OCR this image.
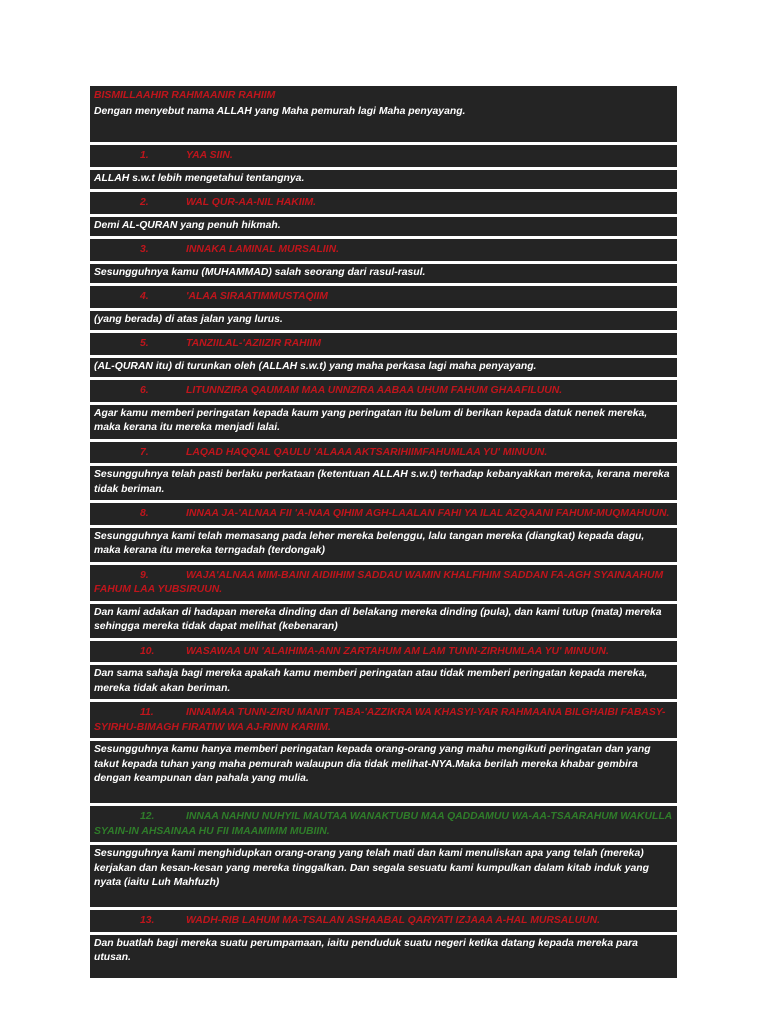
BISMILLAAHIR RAHMAANIR RAHIIM
Dengan menyebut nama ALLAH yang Maha pemurah lagi Maha penyayang.
1.	YAA SIIN.
ALLAH s.w.t lebih mengetahui tentangnya.
2.	WAL QUR-AA-NIL HAKIIM.
Demi AL-QURAN yang penuh hikmah.
3.	INNAKA LAMINAL MURSALIIN.
Sesungguhnya kamu (MUHAMMAD) salah seorang dari rasul-rasul.
4.	'ALAA SIRAATIMMUSTAQIIM
(yang berada) di atas jalan yang lurus.
5.	TANZIILAL-'AZIIZIR RAHIIM
(AL-QURAN itu) di turunkan oleh (ALLAH s.w.t) yang maha perkasa lagi maha penyayang.
6.	LITUNNZIRA QAUMAM MAA UNNZIRA AABAA UHUM FAHUM GHAAFILUUN.
Agar kamu memberi peringatan kepada kaum yang peringatan itu belum di berikan kepada datuk nenek mereka, maka kerana itu mereka menjadi lalai.
7.	LAQAD HAQQAL QAULU 'ALAAA AKTSARIHIIMFAHUMLAA YU' MINUUN.
Sesungguhnya telah pasti berlaku perkataan (ketentuan ALLAH s.w.t) terhadap kebanyakkan mereka, kerana mereka tidak beriman.
8.	INNAA JA-'ALNAA FII 'A-NAA QIHIM AGH-LAALAN FAHI YA ILAL AZQAANI FAHUM-MUQMAHUUN.
Sesungguhnya kami telah memasang pada leher mereka belenggu, lalu tangan mereka (diangkat) kepada dagu, maka kerana itu mereka terngadah (terdongak)
9.	WAJA'ALNAA MIM-BAINI AIDIIHIM SADDAU WAMIN KHALFIHIM SADDAN FA-AGH SYAINAAHUM FAHUM LAA YUBSIRUUN.
Dan kami adakan di hadapan mereka dinding dan di belakang mereka dinding (pula), dan kami tutup (mata) mereka sehingga mereka tidak dapat melihat (kebenaran)
10.	WASAWAA UN 'ALAIHIMA-ANN ZARTAHUM AM LAM TUNN-ZIRHUMLAA YU' MINUUN.
Dan sama sahaja bagi mereka apakah kamu memberi peringatan atau tidak memberi peringatan kepada mereka, mereka tidak akan beriman.
11.	INNAMAA TUNN-ZIRU MANIT TABA-'AZZIKRA WA KHASYI-YAR RAHMAANA BILGHAIBI FABASY-SYIRHU-BIMAGH FIRATIW WA AJ-RINN KARIIM.
Sesungguhnya kamu hanya memberi peringatan kepada orang-orang yang mahu mengikuti peringatan dan yang takut kepada tuhan yang maha pemurah walaupun dia tidak melihat-NYA.Maka berilah mereka khabar gembira dengan keampunan dan pahala yang mulia.
12.	INNAA NAHNU NUHYIL MAUTAA WANAKTUBU MAA QADDAMUU WA-AA-TSAARAHUM WAKULLA SYAIN-IN AHSAINAA HU FII IMAAMIMM MUBIIN.
Sesungguhnya kami menghidupkan orang-orang yang telah mati dan kami menuliskan apa yang telah (mereka) kerjakan dan kesan-kesan yang mereka tinggalkan. Dan segala sesuatu kami kumpulkan dalam kitab induk yang nyata (iaitu Luh Mahfuzh)
13.	WADH-RIB LAHUM MA-TSALAN ASHAABAL QARYATI IZJAAA A-HAL MURSALUUN.
Dan buatlah bagi mereka suatu perumpamaan, iaitu penduduk suatu negeri ketika datang kepada mereka para utusan.
